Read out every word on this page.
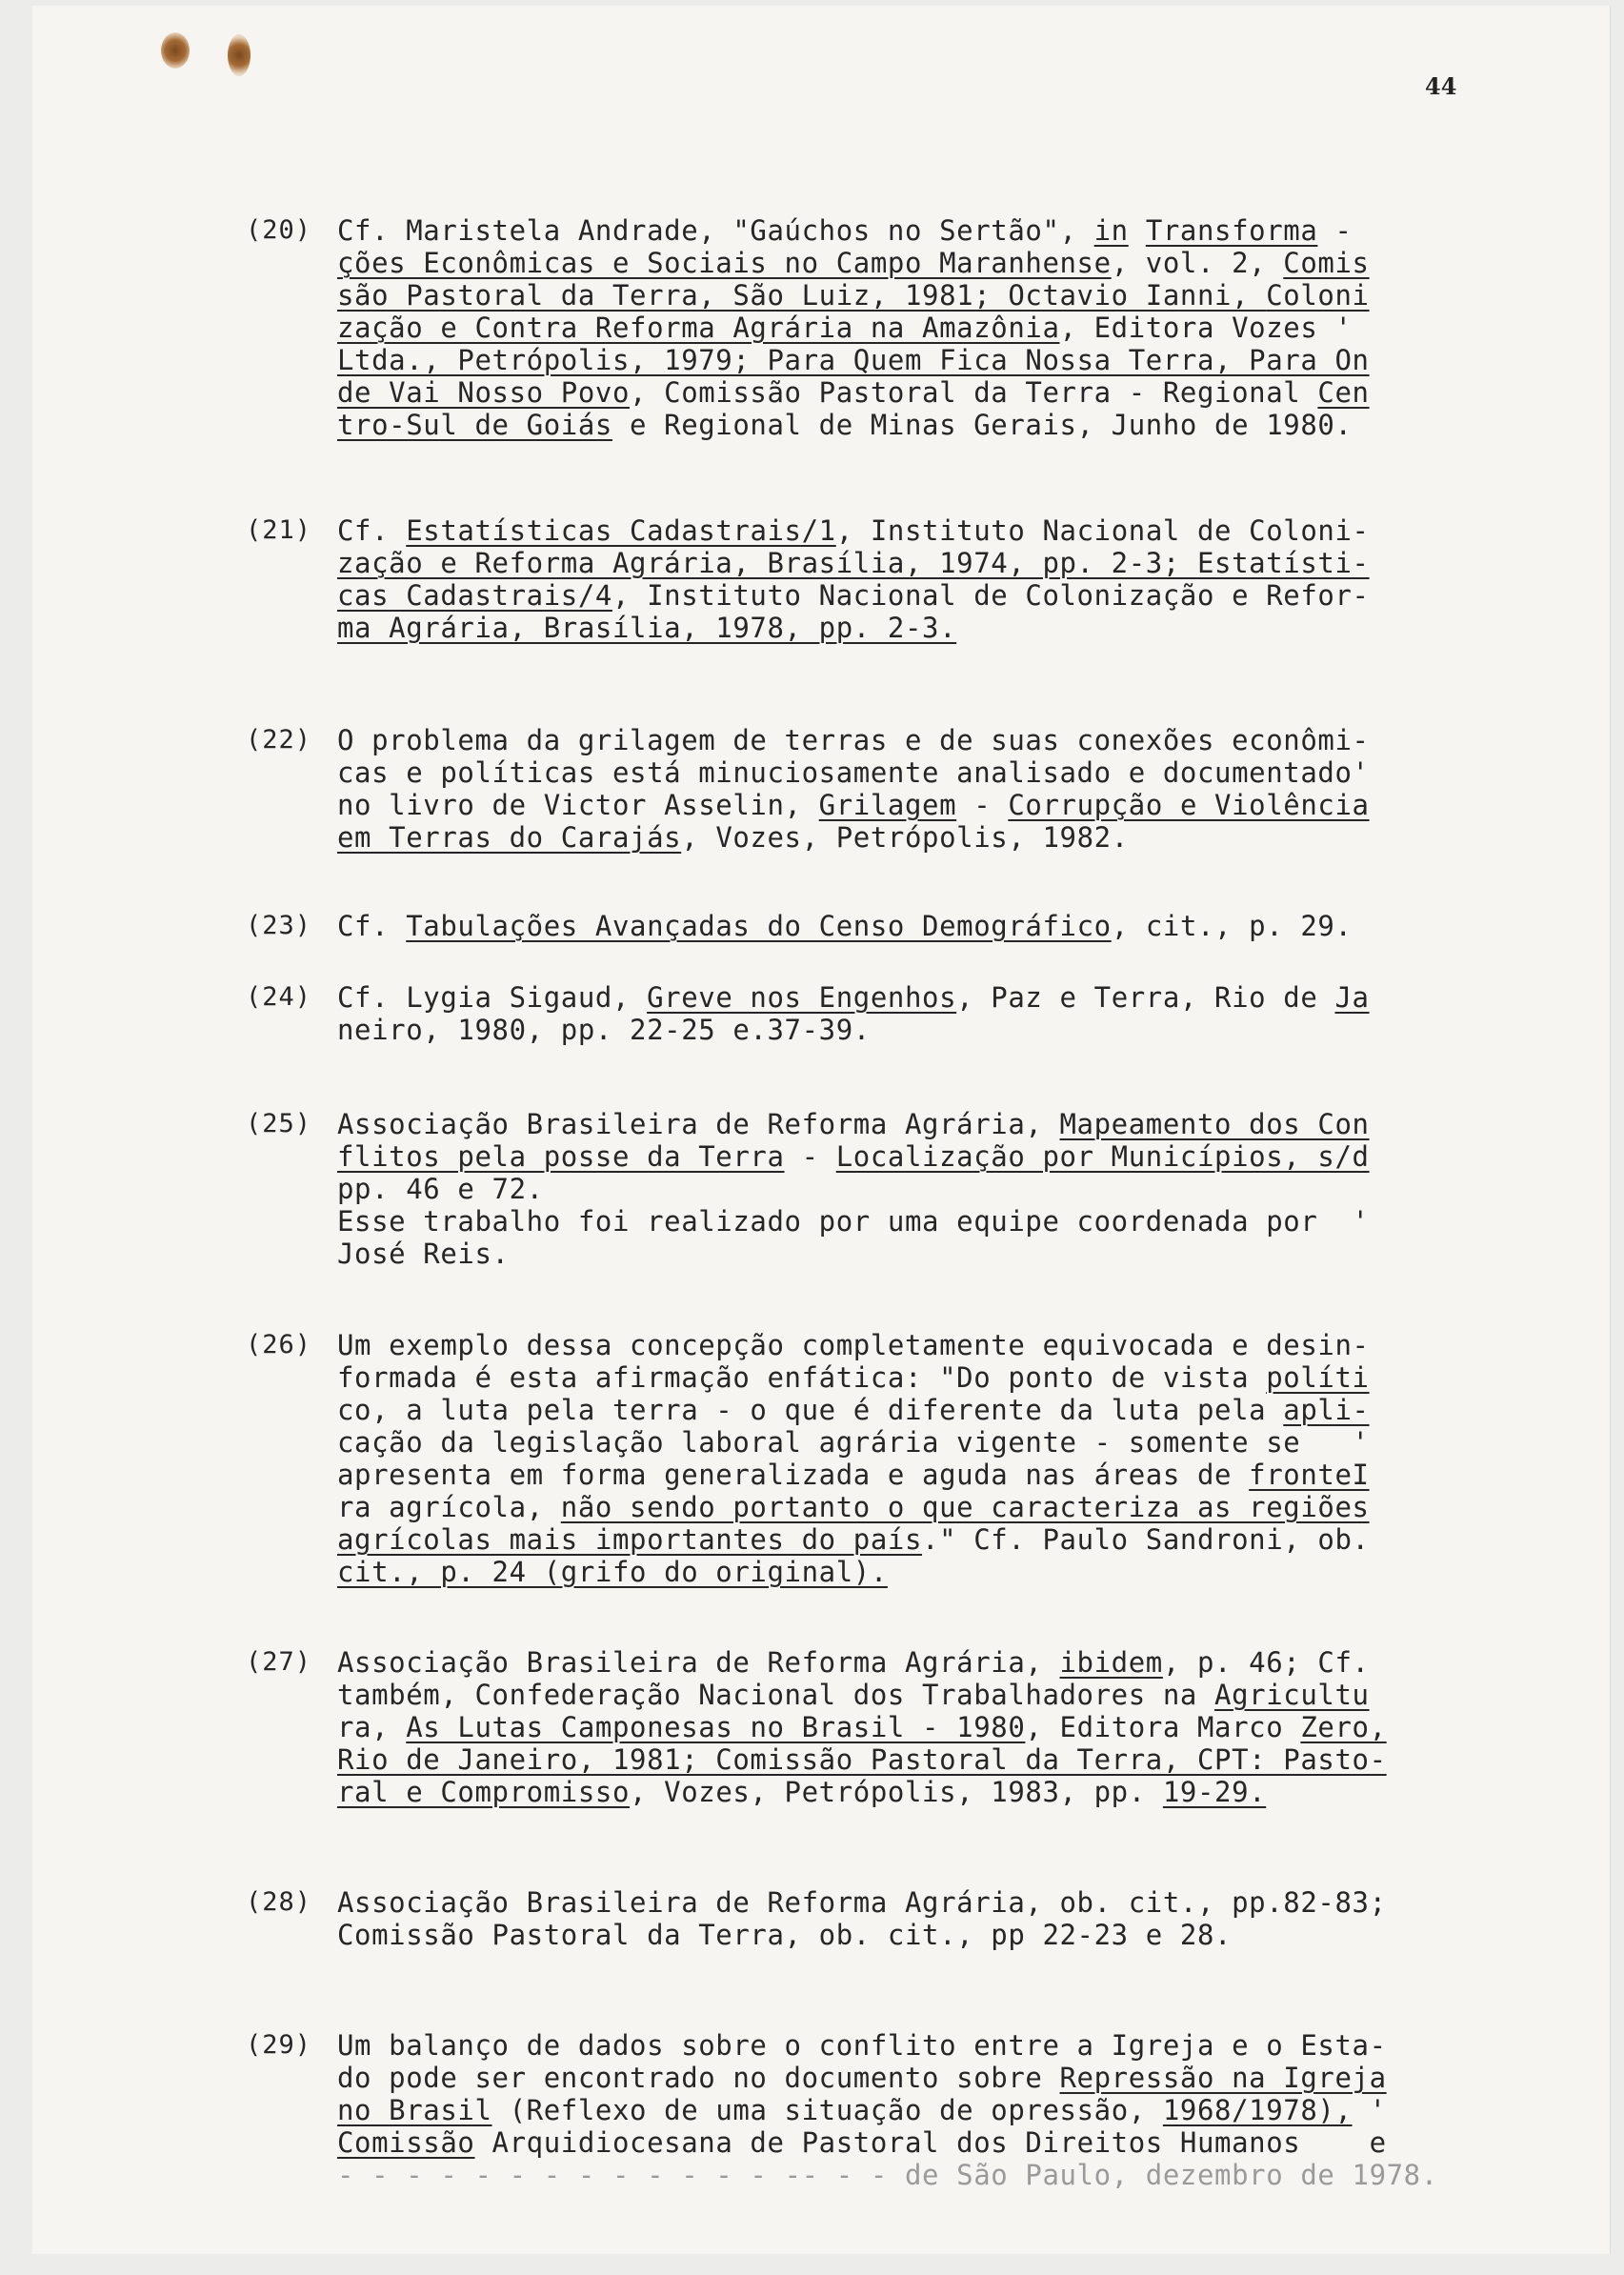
44
(20) Cf. Maristela Andrade, "Gaúchos no Sertão", in Transforma -
ções Econômicas e Sociais no Campo Maranhense, vol. 2, Comis
são Pastoral da Terra, São Luiz, 1981; Octavio Ianni, Coloni
zação e Contra Reforma Agrária na Amazônia, Editora Vozes '
Ltda., Petrópolis, 1979; Para Quem Fica Nossa Terra, Para On
de Vai Nosso Povo, Comissão Pastoral da Terra - Regional Cen
tro-Sul de Goiás e Regional de Minas Gerais, Junho de 1980.
(21) Cf. Estatísticas Cadastrais/1, Instituto Nacional de Coloni-
zação e Reforma Agrária, Brasília, 1974, pp. 2-3; Estatísti-
cas Cadastrais/4, Instituto Nacional de Colonização e Refor-
ma Agrária, Brasília, 1978, pp. 2-3.
(22) O problema da grilagem de terras e de suas conexões econômi-
cas e políticas está minuciosamente analisado e documentado'
no livro de Victor Asselin, Grilagem - Corrupção e Violência
em Terras do Carajás, Vozes, Petrópolis, 1982.
(23) Cf. Tabulações Avançadas do Censo Demográfico, cit., p. 29.
(24) Cf. Lygia Sigaud, Greve nos Engenhos, Paz e Terra, Rio de Ja
neiro, 1980, pp. 22-25 e.37-39.
(25) Associação Brasileira de Reforma Agrária, Mapeamento dos Con
flitos pela posse da Terra - Localização por Municípios, s/d
pp. 46 e 72.
Esse trabalho foi realizado por uma equipe coordenada por  '
José Reis.
(26) Um exemplo dessa concepção completamente equivocada e desin-
formada é esta afirmação enfática: "Do ponto de vista políti
co, a luta pela terra - o que é diferente da luta pela apli-
cação da legislação laboral agrária vigente - somente se   '
apresenta em forma generalizada e aguda nas áreas de fronteI
ra agrícola, não sendo portanto o que caracteriza as regiões
agrícolas mais importantes do país." Cf. Paulo Sandroni, ob.
cit., p. 24 (grifo do original).
(27) Associação Brasileira de Reforma Agrária, ibidem, p. 46; Cf.
também, Confederação Nacional dos Trabalhadores na Agricultu
ra, As Lutas Camponesas no Brasil - 1980, Editora Marco Zero,
Rio de Janeiro, 1981; Comissão Pastoral da Terra, CPT: Pasto-
ral e Compromisso, Vozes, Petrópolis, 1983, pp. 19-29.
(28) Associação Brasileira de Reforma Agrária, ob. cit., pp.82-83;
Comissão Pastoral da Terra, ob. cit., pp 22-23 e 28.
(29) Um balanço de dados sobre o conflito entre a Igreja e o Esta-
do pode ser encontrado no documento sobre Repressão na Igreja
no Brasil (Reflexo de uma situação de opressão, 1968/1978), '
Comissão Arquidiocesana de Pastoral dos Direitos Humanos    e
- - - - - - - - - - - - - -- - - de São Paulo, dezembro de 1978.
